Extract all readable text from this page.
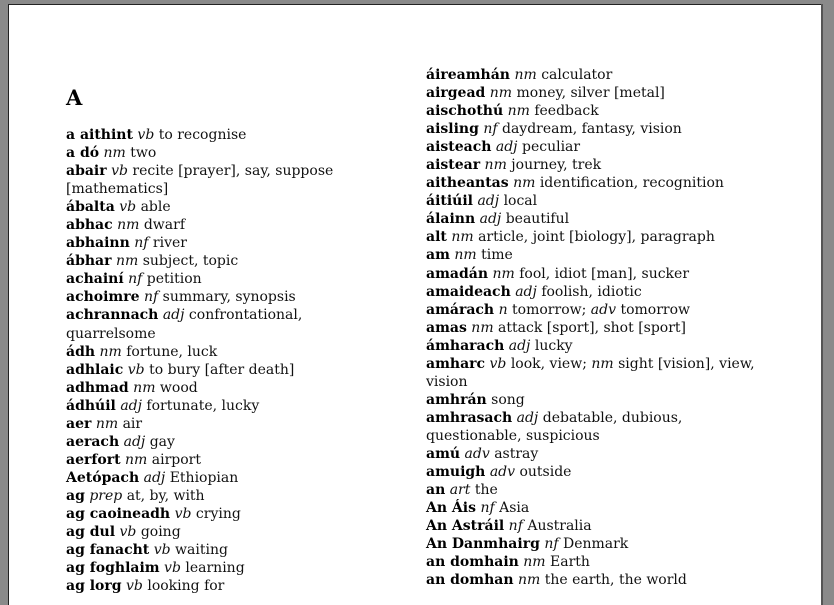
A

a aithint vb to recognise

a dó nm two

abair vb recite [prayer], say, suppose [mathematics]

ábalta vb able

abhac nm dwarf

abhainn nf river

ábhar nm subject, topic

achainí nf petition

achoimre nf summary, synopsis

achrannach adj confrontational, quarrelsome

ádh nm fortune, luck

adhlaic vb to bury [after death]

adhmad nm wood

ádhúil adj fortunate, lucky

aer nm air

aerach adj gay

aerfort nm airport

Aetópach adj Ethiopian

ag prep at, by, with

ag caoineadh vb crying

ag dul vb going

ag fanacht vb waiting

ag foghlaim vb learning

ag lorg vb looking for

áireamhán nm calculator

airgead nm money, silver [metal]

aischothú nm feedback

aisling nf daydream, fantasy, vision

aisteach adj peculiar

aistear nm journey, trek

aitheantas nm identification, recognition

áitiúil adj local

álainn adj beautiful

alt nm article, joint [biology], paragraph

am nm time

amadán nm fool, idiot [man], sucker

amaideach adj foolish, idiotic

amárach n tomorrow; adv tomorrow

amas nm attack [sport], shot [sport]

ámharach adj lucky

amharc vb look, view; nm sight [vision], view, vision

amhrán song

amhrasach adj debatable, dubious, questionable, suspicious

amú adv astray

amuigh adv outside

an art the

An Áis nf Asia

An Astráil nf Australia

An Danmhairg nf Denmark

an domhain nm Earth

an domhan nm the earth, the world
